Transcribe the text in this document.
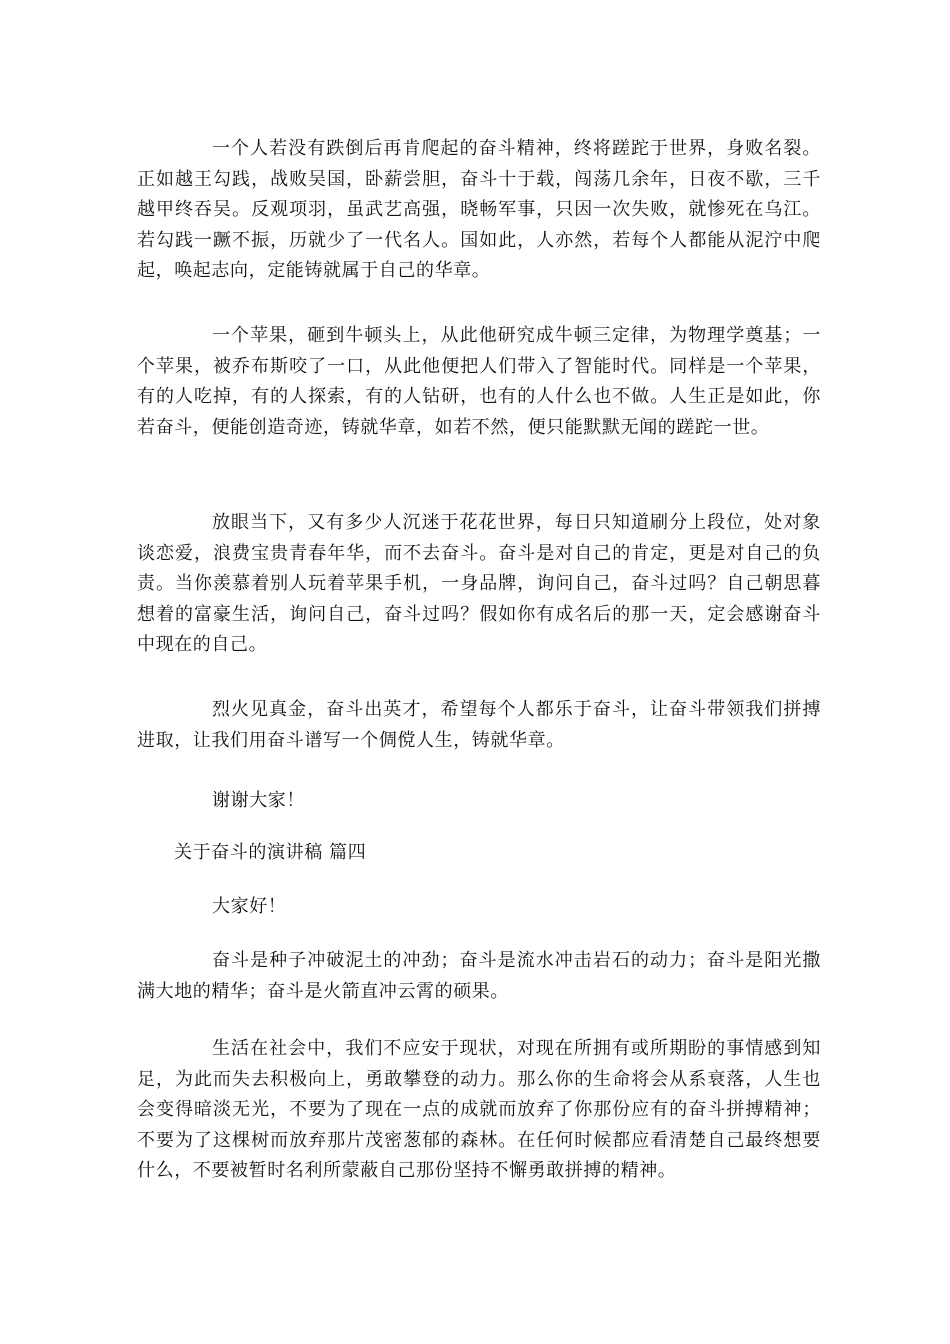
一个人若没有跌倒后再肯爬起的奋斗精神，终将蹉跎于世界，身败名裂。正如越王勾践，战败吴国，卧薪尝胆，奋斗十于载，闯荡几余年，日夜不歇，三千越甲终吞吴。反观项羽，虽武艺高强，晓畅军事，只因一次失败，就惨死在乌江。若勾践一蹶不振，历就少了一代名人。国如此，人亦然，若每个人都能从泥泞中爬起，唤起志向，定能铸就属于自己的华章。

一个苹果，砸到牛顿头上，从此他研究成牛顿三定律，为物理学奠基；一个苹果，被乔布斯咬了一口，从此他便把人们带入了智能时代。同样是一个苹果，有的人吃掉，有的人探索，有的人钻研，也有的人什么也不做。人生正是如此，你若奋斗，便能创造奇迹，铸就华章，如若不然，便只能默默无闻的蹉跎一世。

放眼当下，又有多少人沉迷于花花世界，每日只知道刷分上段位，处对象谈恋爱，浪费宝贵青春年华，而不去奋斗。奋斗是对自己的肯定，更是对自己的负责。当你羡慕着别人玩着苹果手机，一身品牌，询问自己，奋斗过吗？自己朝思暮想着的富豪生活，询问自己，奋斗过吗？假如你有成名后的那一天，定会感谢奋斗中现在的自己。

烈火见真金，奋斗出英才，希望每个人都乐于奋斗，让奋斗带领我们拼搏进取，让我们用奋斗谱写一个倜傥人生，铸就华章。

谢谢大家！

关于奋斗的演讲稿 篇四

大家好！

奋斗是种子冲破泥土的冲劲；奋斗是流水冲击岩石的动力；奋斗是阳光撒满大地的精华；奋斗是火箭直冲云霄的硕果。

生活在社会中，我们不应安于现状，对现在所拥有或所期盼的事情感到知足，为此而失去积极向上，勇敢攀登的动力。那么你的生命将会从系衰落，人生也会变得暗淡无光，不要为了现在一点的成就而放弃了你那份应有的奋斗拼搏精神；不要为了这棵树而放弃那片茂密葱郁的森林。在任何时候都应看清楚自己最终想要什么，不要被暂时名利所蒙蔽自己那份坚持不懈勇敢拼搏的精神。
